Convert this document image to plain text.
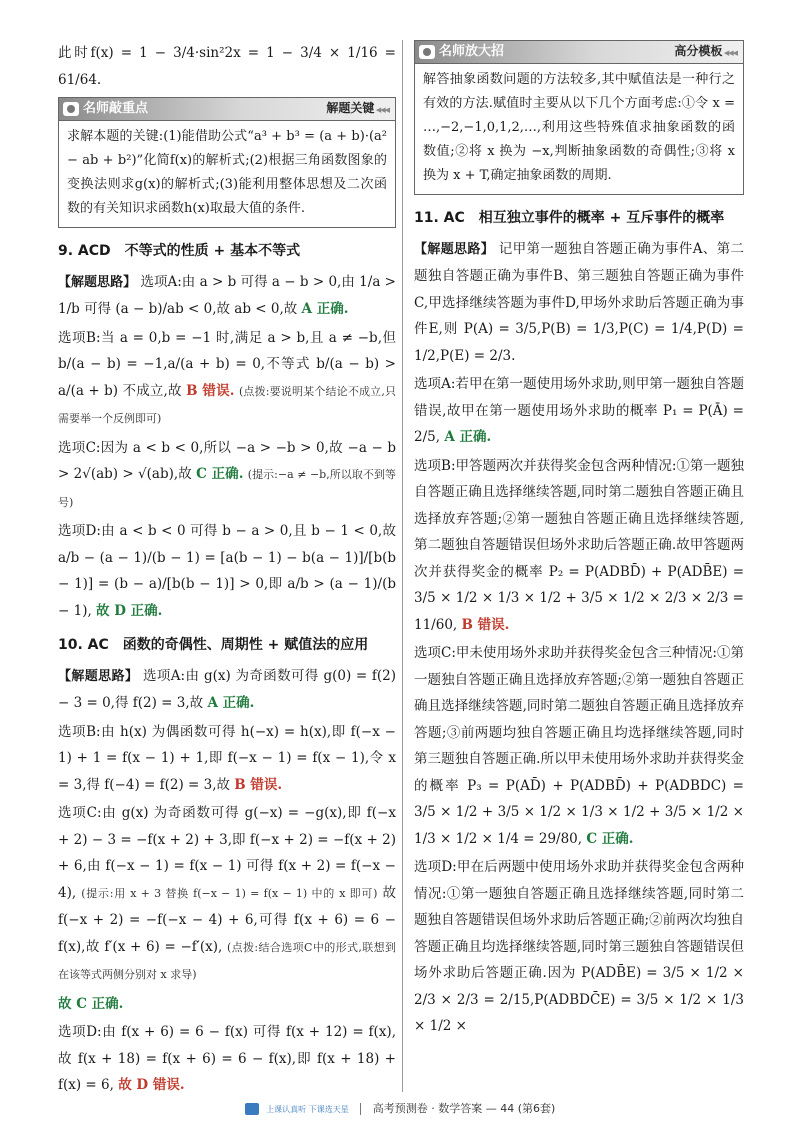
此时f(x) = 1 − 3/4·sin²2x = 1 − 3/4 × 1/16 = 61/64.

名师敲重点	解题关键 ◀◀◀
求解本题的关键:(1)能借助公式“a³ + b³ = (a + b)·(a² − ab + b²)”化简f(x)的解析式;(2)根据三角函数图象的变换法则求g(x)的解析式;(3)能利用整体思想及二次函数的有关知识求函数h(x)取最大值的条件.
9. ACD　不等式的性质 + 基本不等式

【解题思路】 选项A:由 a > b 可得 a − b > 0,由 1/a > 1/b 可得 (a − b)/ab < 0,故 ab < 0,故 A 正确.

选项B:当 a = 0,b = −1 时,满足 a > b,且 a ≠ −b,但 b/(a − b) = −1,a/(a + b) = 0,不等式 b/(a − b) > a/(a + b) 不成立,故 B 错误. (点拨:要说明某个结论不成立,只需要举一个反例即可)

选项C:因为 a < b < 0,所以 −a > −b > 0,故 −a − b > 2√(ab) > √(ab),故 C 正确. (提示:−a ≠ −b,所以取不到等号)

选项D:由 a < b < 0 可得 b − a > 0,且 b − 1 < 0,故 a/b − (a − 1)/(b − 1) = [a(b − 1) − b(a − 1)]/[b(b − 1)] = (b − a)/[b(b − 1)] > 0,即 a/b > (a − 1)/(b − 1), 故 D 正确.

10. AC　函数的奇偶性、周期性 + 赋值法的应用

【解题思路】 选项A:由 g(x) 为奇函数可得 g(0) = f(2) − 3 = 0,得 f(2) = 3,故 A 正确.

选项B:由 h(x) 为偶函数可得 h(−x) = h(x),即 f(−x − 1) + 1 = f(x − 1) + 1,即 f(−x − 1) = f(x − 1),令 x = 3,得 f(−4) = f(2) = 3,故 B 错误.

选项C:由 g(x) 为奇函数可得 g(−x) = −g(x),即 f(−x + 2) − 3 = −f(x + 2) + 3,即 f(−x + 2) = −f(x + 2) + 6,由 f(−x − 1) = f(x − 1) 可得 f(x + 2) = f(−x − 4), (提示:用 x + 3 替换 f(−x − 1) = f(x − 1) 中的 x 即可) 故 f(−x + 2) = −f(−x − 4) + 6,可得 f(x + 6) = 6 − f(x),故 f′(x + 6) = −f′(x), (点拨:结合选项C中的形式,联想到在该等式两侧分别对 x 求导)

故 C 正确.

选项D:由 f(x + 6) = 6 − f(x) 可得 f(x + 12) = f(x),故 f(x + 18) = f(x + 6) = 6 − f(x),即 f(x + 18) + f(x) = 6, 故 D 错误.

名师放大招	高分模板 ◀◀◀
解答抽象函数问题的方法较多,其中赋值法是一种行之有效的方法.赋值时主要从以下几个方面考虑:①令 x = …,−2,−1,0,1,2,…,利用这些特殊值求抽象函数的函数值;②将 x 换为 −x,判断抽象函数的奇偶性;③将 x 换为 x + T,确定抽象函数的周期.
11. AC　相互独立事件的概率 + 互斥事件的概率

【解题思路】 记甲第一题独自答题正确为事件A、第二题独自答题正确为事件B、第三题独自答题正确为事件C,甲选择继续答题为事件D,甲场外求助后答题正确为事件E,则 P(A) = 3/5,P(B) = 1/3,P(C) = 1/4,P(D) = 1/2,P(E) = 2/3.

选项A:若甲在第一题使用场外求助,则甲第一题独自答题错误,故甲在第一题使用场外求助的概率 P₁ = P(Ā) = 2/5, A 正确.

选项B:甲答题两次并获得奖金包含两种情况:①第一题独自答题正确且选择继续答题,同时第二题独自答题正确且选择放弃答题;②第一题独自答题正确且选择继续答题,第二题独自答题错误但场外求助后答题正确.故甲答题两次并获得奖金的概率 P₂ = P(ADBD̄) + P(ADB̄E) = 3/5 × 1/2 × 1/3 × 1/2 + 3/5 × 1/2 × 2/3 × 2/3 = 11/60, B 错误.

选项C:甲未使用场外求助并获得奖金包含三种情况:①第一题独自答题正确且选择放弃答题;②第一题独自答题正确且选择继续答题,同时第二题独自答题正确且选择放弃答题;③前两题均独自答题正确且均选择继续答题,同时第三题独自答题正确.所以甲未使用场外求助并获得奖金的概率 P₃ = P(AD̄) + P(ADBD̄) + P(ADBDC) = 3/5 × 1/2 + 3/5 × 1/2 × 1/3 × 1/2 + 3/5 × 1/2 × 1/3 × 1/2 × 1/4 = 29/80, C 正确.

选项D:甲在后两题中使用场外求助并获得奖金包含两种情况:①第一题独自答题正确且选择继续答题,同时第二题独自答题错误但场外求助后答题正确;②前两次均独自答题正确且均选择继续答题,同时第三题独自答题错误但场外求助后答题正确.因为 P(ADB̄E) = 3/5 × 1/2 × 2/3 × 2/3 = 2/15,P(ADBDC̄E) = 3/5 × 1/2 × 1/3 × 1/2 ×

上课认真听 下课选天星 高考预测卷 · 数学答案 — 44 (第6套)
